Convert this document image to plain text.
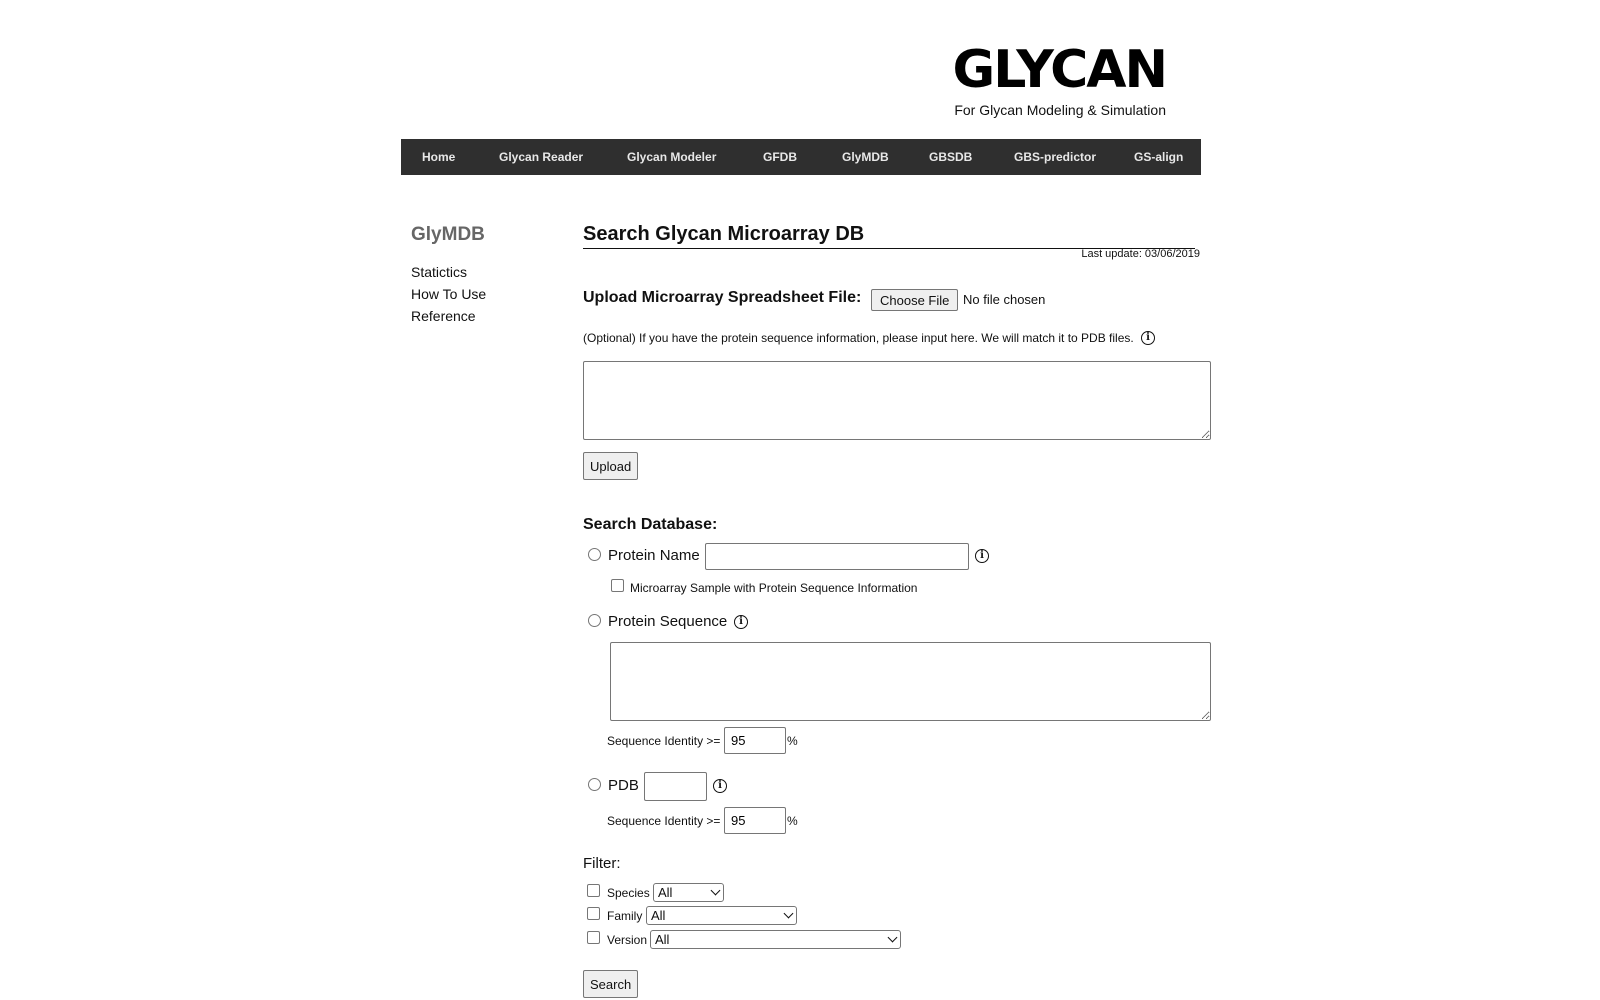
GLYCAN
For Glycan Modeling & Simulation
Home	Glycan Reader	Glycan Modeler	GFDB	GlyMDB	GBSDB	GBS-predictor	GS-align
GlyMDB
Statictics
How To Use
Reference
Search Glycan Microarray DB
Last update: 03/06/2019
Upload Microarray Spreadsheet File:	Choose File	No file chosen
(Optional) If you have the protein sequence information, please input here. We will match it to PDB files.	i
Upload
Search Database:
Protein Name	i
Microarray Sample with Protein Sequence Information
Protein Sequence	i
Sequence Identity >=
95	%
PDB	i
Sequence Identity >=
95	%
Filter:
Species All
Family All
Version All
Search
